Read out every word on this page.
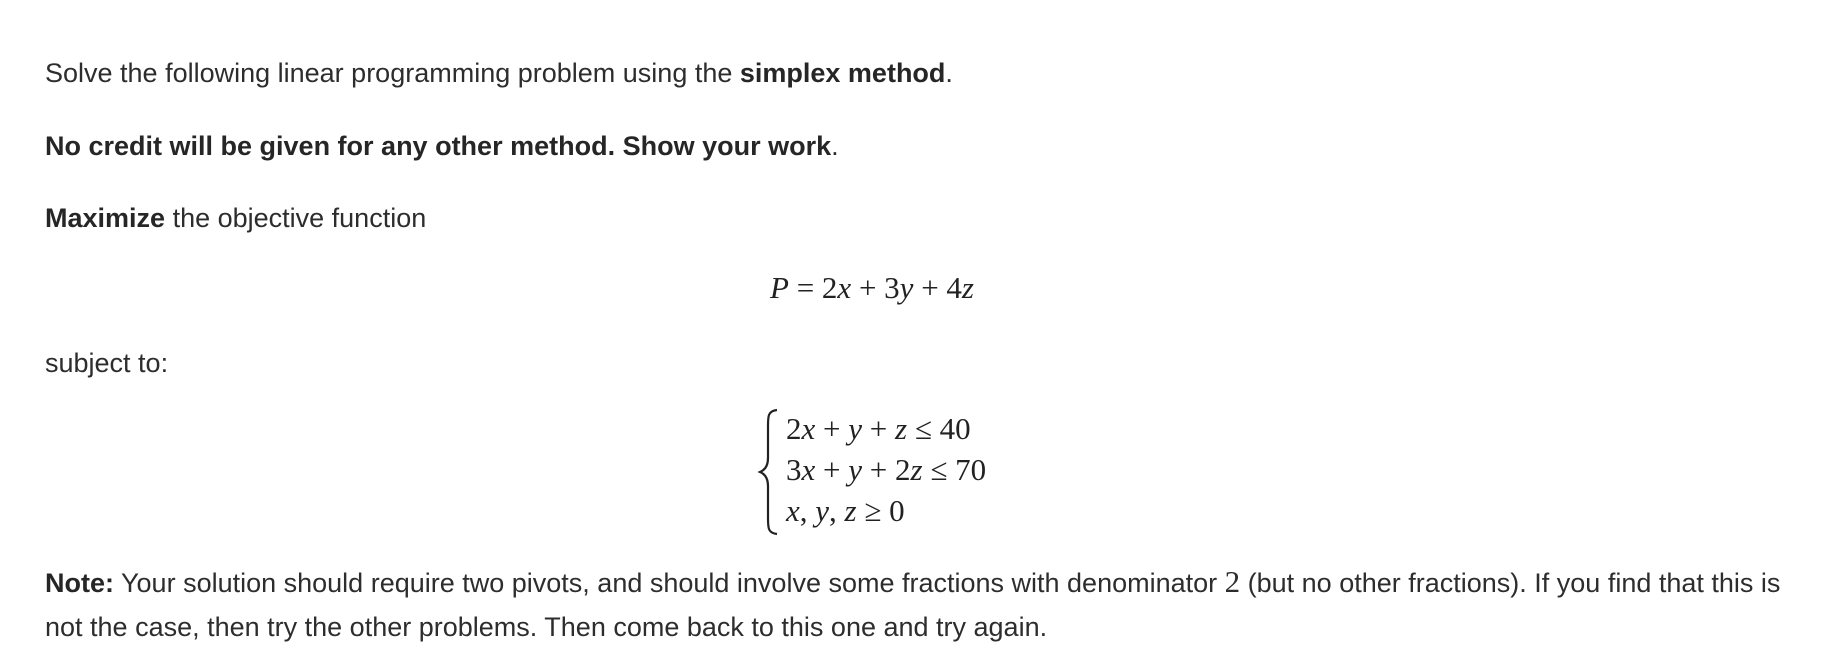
Solve the following linear programming problem using the simplex method.
No credit will be given for any other method. Show your work.
Maximize the objective function
P = 2x + 3y + 4z
subject to:
2x + y + z ≤ 40
3x + y + 2z ≤ 70
x, y, z ≥ 0
Note: Your solution should require two pivots, and should involve some fractions with denominator 2 (but no other fractions). If you find that this is not the case, then try the other problems. Then come back to this one and try again.
